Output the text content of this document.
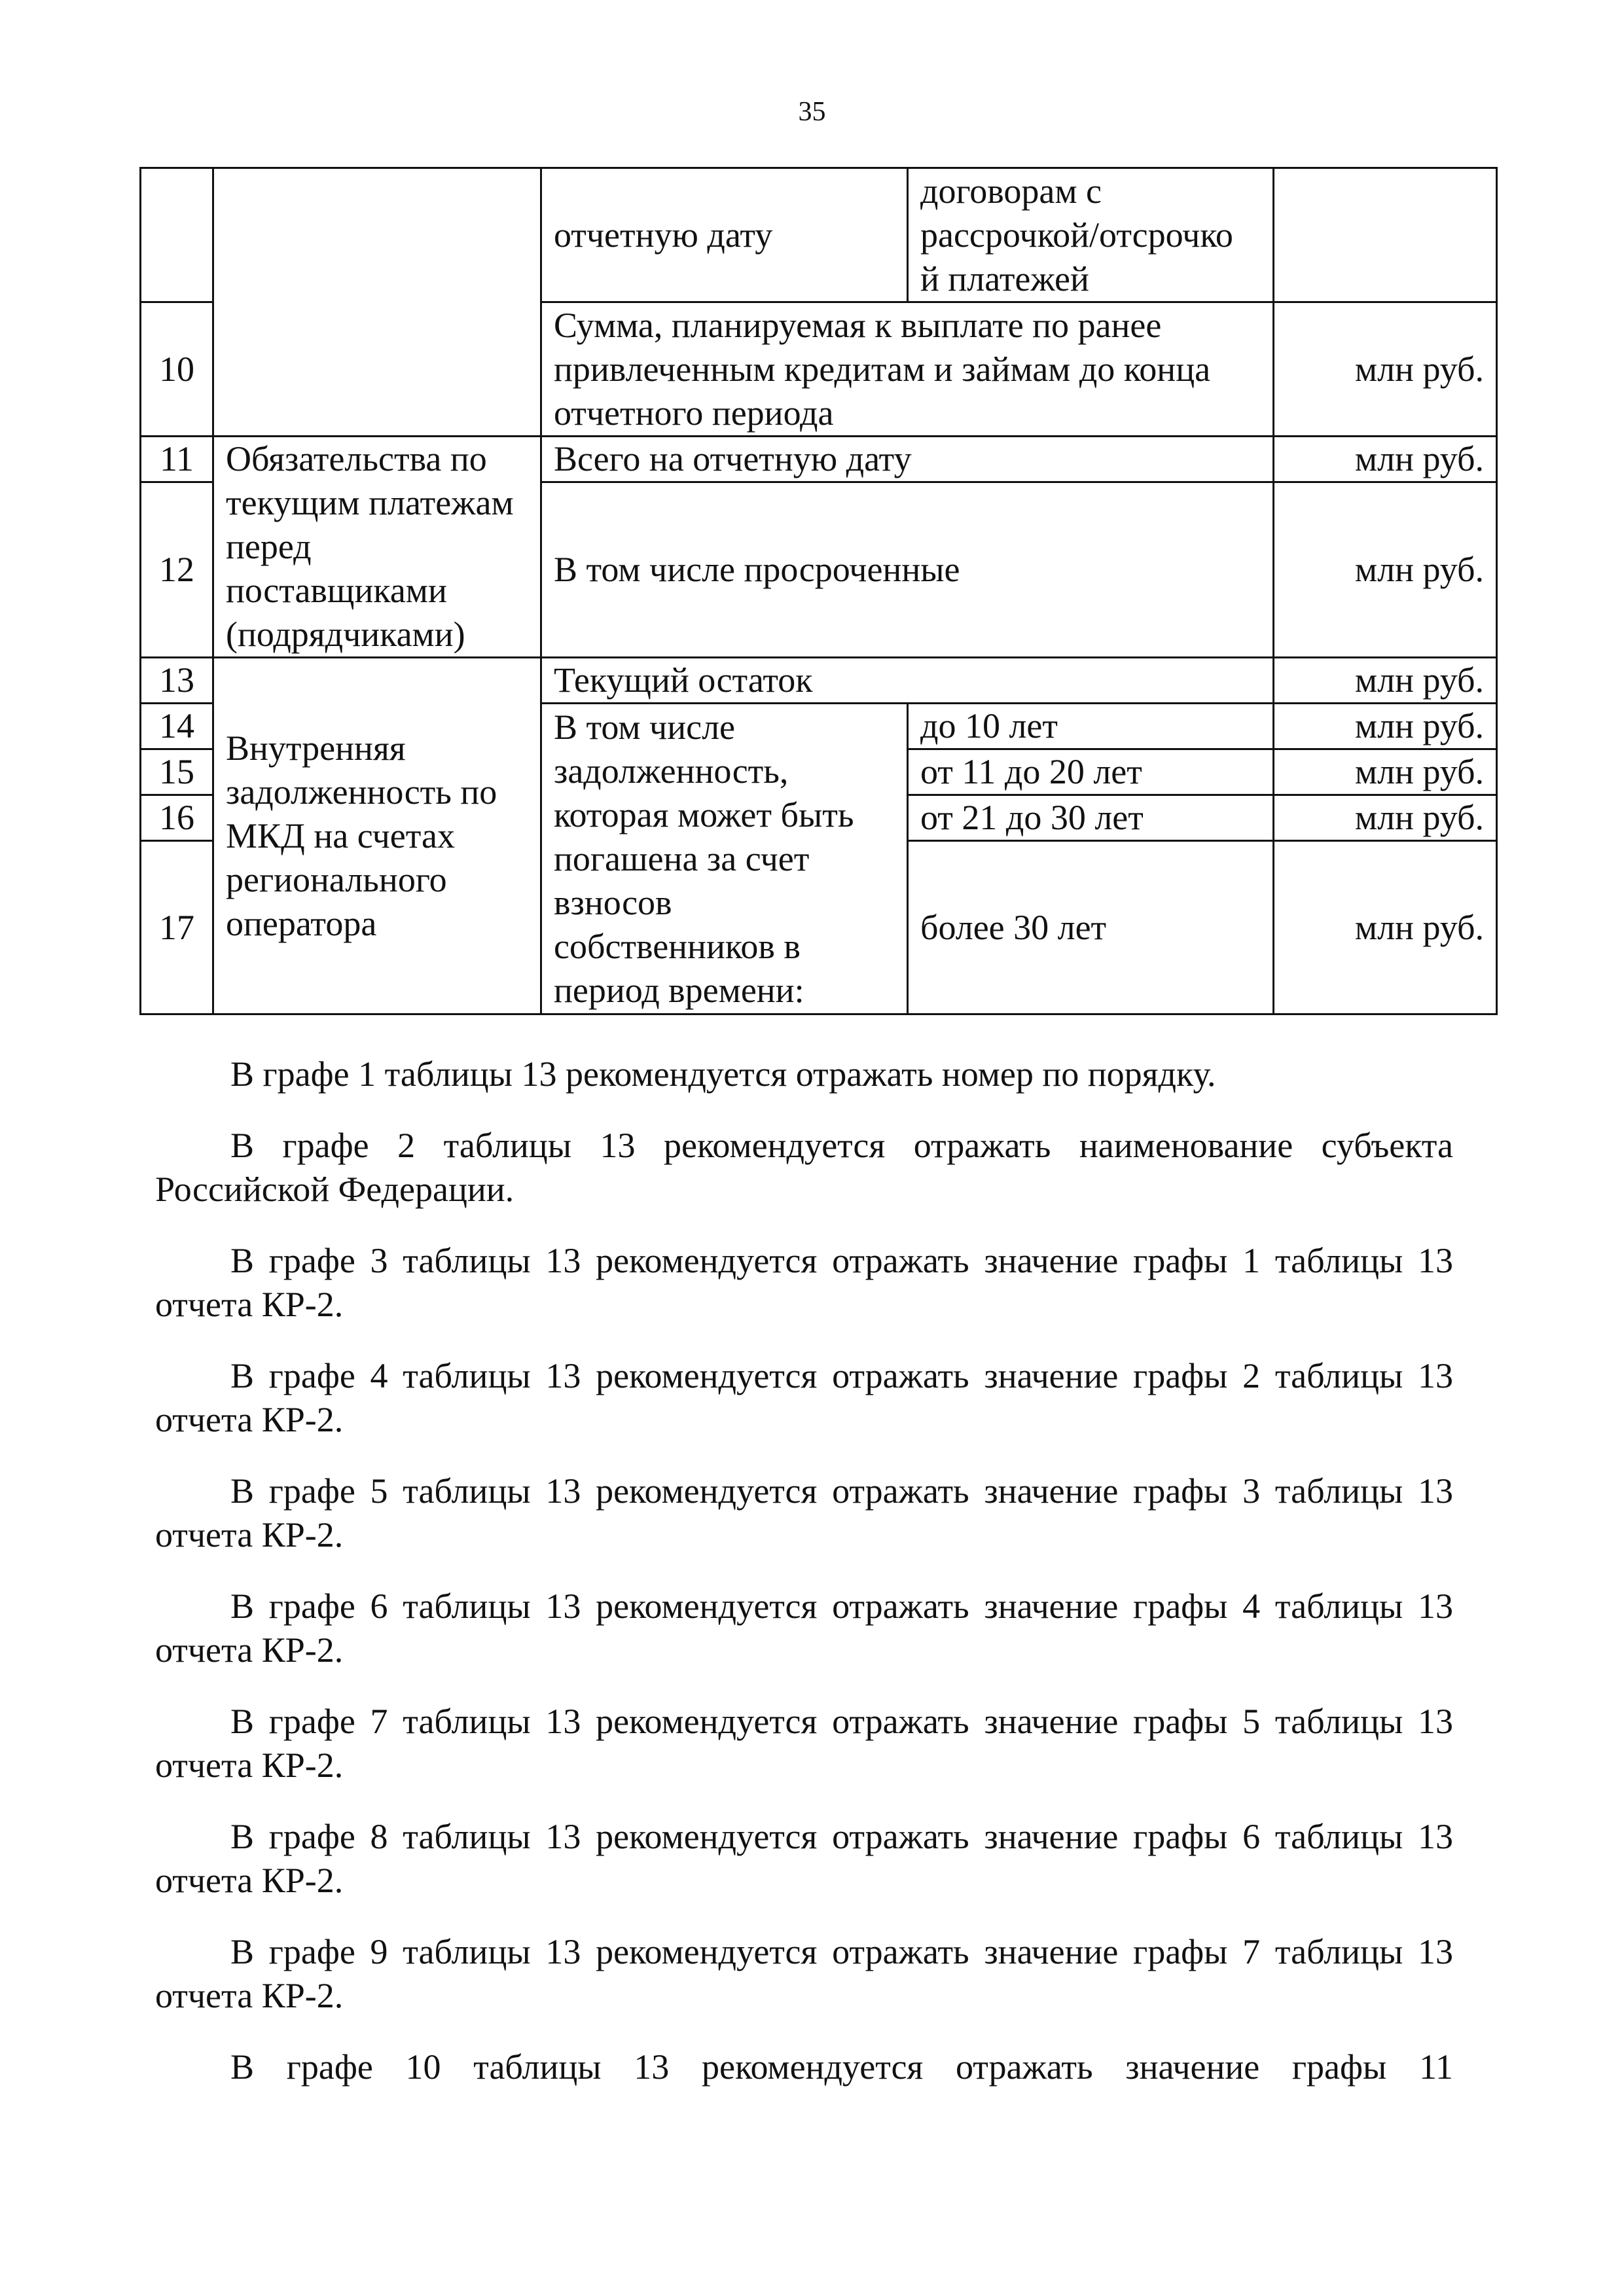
35
		отчетную дату	договорам с рассрочкой/отсрочко й платежей	
10		Сумма, планируемая к выплате по ранее привлеченным кредитам и займам до конца отчетного периода		млн руб.
11	Обязательства по текущим платежам перед поставщиками (подрядчиками)	Всего на отчетную дату		млн руб.
12		В том числе просроченные		млн руб.
13	Внутренняя задолженность по МКД на счетах регионального оператора	Текущий остаток		млн руб.
14		В том числе задолженность, которая может быть погашена за счет взносов собственников в период времени:	до 10 лет	млн руб.
15			от 11 до 20 лет	млн руб.
16			от 21 до 30 лет	млн руб.
17			более 30 лет	млн руб.

В графе 1 таблицы 13 рекомендуется отражать номер по порядку.

В графе 2 таблицы 13 рекомендуется отражать наименование субъекта Российской Федерации.

В графе 3 таблицы 13 рекомендуется отражать значение графы 1 таблицы 13 отчета КР-2.

В графе 4 таблицы 13 рекомендуется отражать значение графы 2 таблицы 13 отчета КР-2.

В графе 5 таблицы 13 рекомендуется отражать значение графы 3 таблицы 13 отчета КР-2.

В графе 6 таблицы 13 рекомендуется отражать значение графы 4 таблицы 13 отчета КР-2.

В графе 7 таблицы 13 рекомендуется отражать значение графы 5 таблицы 13 отчета КР-2.

В графе 8 таблицы 13 рекомендуется отражать значение графы 6 таблицы 13 отчета КР-2.

В графе 9 таблицы 13 рекомендуется отражать значение графы 7 таблицы 13 отчета КР-2.

В графе 10 таблицы 13 рекомендуется отражать значение графы 11
